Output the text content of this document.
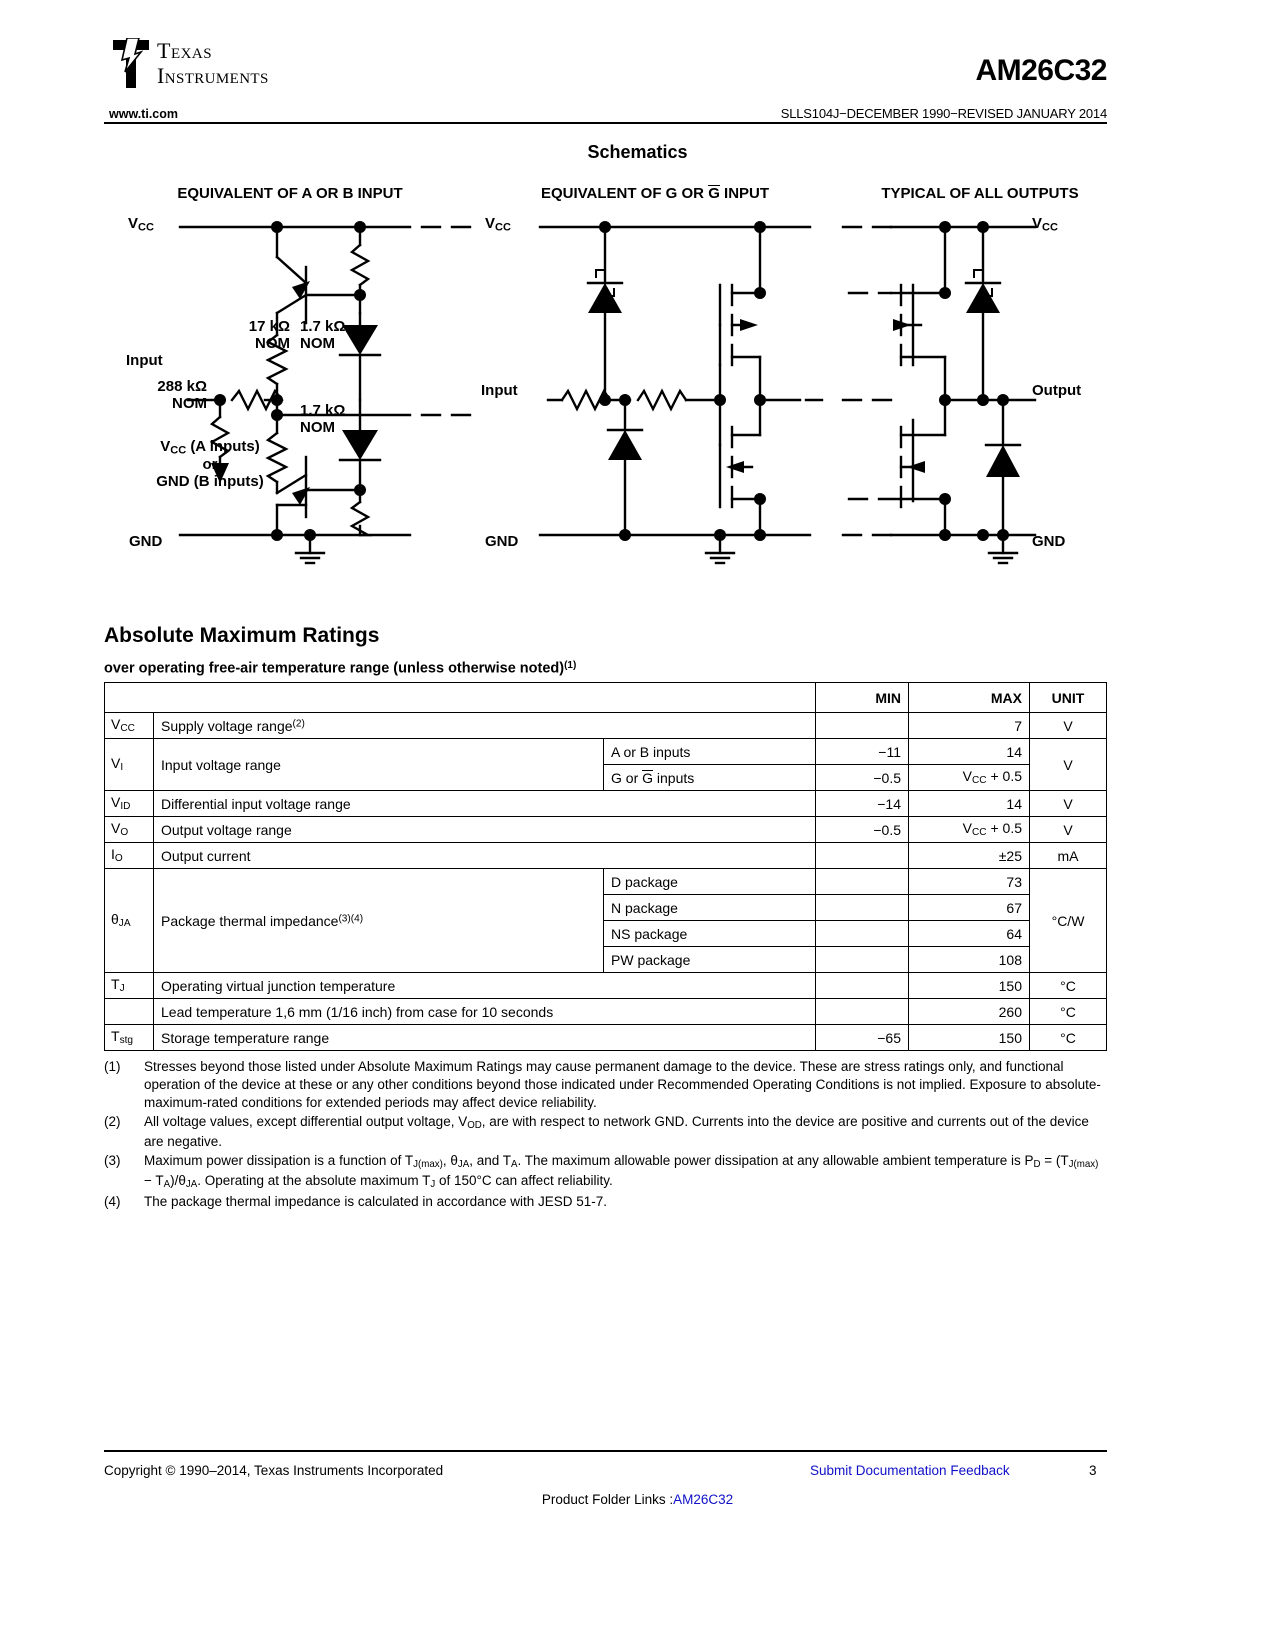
Texas
Instruments	AM26C32
www.ti.com	SLLS104J−DECEMBER 1990−REVISED JANUARY 2014
Schematics
EQUIVALENT OF A OR B INPUT	EQUIVALENT OF G OR G INPUT	TYPICAL OF ALL OUTPUTS
$V_{CC}$
GND
Input
17 kΩ
NOM
288 kΩ
NOM
1.7 kΩ
NOM
1.7 kΩ
NOM
$V_{CC}$ (A inputs)
or
GND (B inputs)
$V_{CC}$
GND
Input
$V_{CC}$
GND
Output
Absolute Maximum Ratings
over operating free-air temperature range (unless otherwise noted)$^{(1)}$
			MIN	MAX	UNIT
$V_{CC}$	Supply voltage range$^{(2)}$			7	V
$V_I$	Input voltage range	A or B inputs	−11	14	V
		G or G inputs	−0.5	$V_{CC} + 0.5$	
$V_{ID}$	Differential input voltage range		−14	14	V
$V_O$	Output voltage range		−0.5	$V_{CC} + 0.5$	V
$I_O$	Output current			±25	mA
$\theta_{JA}$	Package thermal impedance$^{(3)(4)}$	D package		73	°C/W
		N package		67	
		NS package		64	
		PW package		108	
$T_J$	Operating virtual junction temperature			150	°C
	Lead temperature 1,6 mm (1/16 inch) from case for 10 seconds			260	°C
$T_{stg}$	Storage temperature range		−65	150	°C
(1)	Stresses beyond those listed under Absolute Maximum Ratings may cause permanent damage to the device. These are stress ratings only, and functional operation of the device at these or any other conditions beyond those indicated under Recommended Operating Conditions is not implied. Exposure to absolute-maximum-rated conditions for extended periods may affect device reliability.
(2)	All voltage values, except differential output voltage, $V_{OD}$, are with respect to network GND. Currents into the device are positive and currents out of the device are negative.
(3)	Maximum power dissipation is a function of $T_{J(max)}$, $\theta_{JA}$, and $T_A$. The maximum allowable power dissipation at any allowable ambient temperature is $P_D = (T_{J(max)} - T_A)/\theta_{JA}$. Operating at the absolute maximum $T_J$ of 150°C can affect reliability.
(4)	The package thermal impedance is calculated in accordance with JESD 51-7.
Copyright © 1990–2014, Texas Instruments Incorporated	Submit Documentation Feedback	3
Product Folder Links :AM26C32
